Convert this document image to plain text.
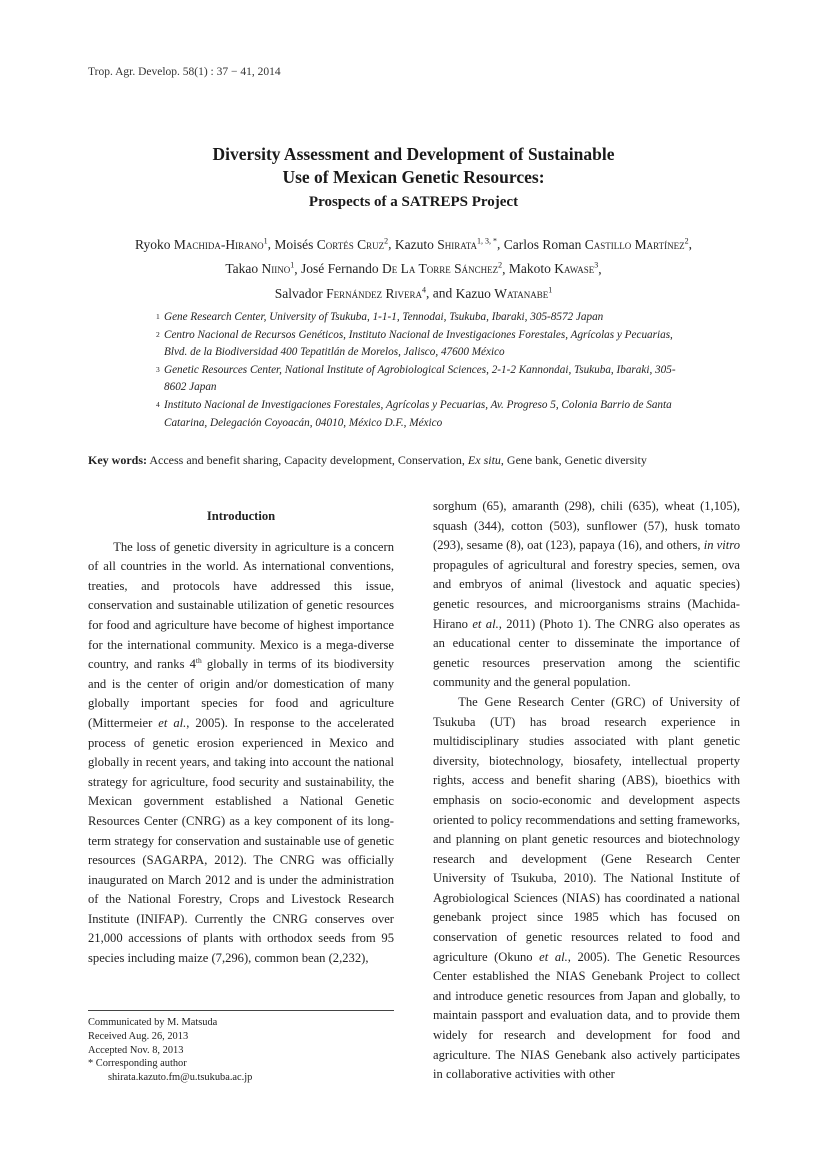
Trop. Agr. Develop. 58(1) : 37 − 41, 2014
Diversity Assessment and Development of Sustainable
Use of Mexican Genetic Resources:
Prospects of a SATREPS Project
Ryoko Machida-Hirano$^1$, Moisés Cortés Cruz$^2$, Kazuto Shirata$^{1, 3, *}$, Carlos Roman Castillo Martínez$^2$,
Takao Niino$^1$, José Fernando De La Torre Sánchez$^2$, Makoto Kawase$^3$,
Salvador Fernández Rivera$^4$, and Kazuo Watanabe$^1$
1 Gene Research Center, University of Tsukuba, 1-1-1, Tennodai, Tsukuba, Ibaraki, 305-8572 Japan
2 Centro Nacional de Recursos Genéticos, Instituto Nacional de Investigaciones Forestales, Agrícolas y Pecuarias, Blvd. de la Biodiversidad 400 Tepatitlán de Morelos, Jalisco, 47600 México
3 Genetic Resources Center, National Institute of Agrobiological Sciences, 2-1-2 Kannondai, Tsukuba, Ibaraki, 305-8602 Japan
4 Instituto Nacional de Investigaciones Forestales, Agrícolas y Pecuarias, Av. Progreso 5, Colonia Barrio de Santa Catarina, Delegación Coyoacán, 04010, México D.F., México
Key words: Access and benefit sharing, Capacity development, Conservation, Ex situ, Gene bank, Genetic diversity
Introduction

The loss of genetic diversity in agriculture is a concern of all countries in the world. As international conventions, treaties, and protocols have addressed this issue, conservation and sustainable utilization of genetic resources for food and agriculture have become of highest importance for the international community. Mexico is a mega-diverse country, and ranks 4th globally in terms of its biodiversity and is the center of origin and/or domestication of many globally important species for food and agriculture (Mittermeier et al., 2005). In response to the accelerated process of genetic erosion experienced in Mexico and globally in recent years, and taking into account the national strategy for agriculture, food security and sustainability, the Mexican government established a National Genetic Resources Center (CNRG) as a key component of its long-term strategy for conservation and sustainable use of genetic resources (SAGARPA, 2012). The CNRG was officially inaugurated on March 2012 and is under the administration of the National Forestry, Crops and Livestock Research Institute (INIFAP). Currently the CNRG conserves over 21,000 accessions of plants with orthodox seeds from 95 species including maize (7,296), common bean (2,232),

sorghum (65), amaranth (298), chili (635), wheat (1,105), squash (344), cotton (503), sunflower (57), husk tomato (293), sesame (8), oat (123), papaya (16), and others, in vitro propagules of agricultural and forestry species, semen, ova and embryos of animal (livestock and aquatic species) genetic resources, and microorganisms strains (Machida-Hirano et al., 2011) (Photo 1). The CNRG also operates as an educational center to disseminate the importance of genetic resources preservation among the scientific community and the general population.

The Gene Research Center (GRC) of University of Tsukuba (UT) has broad research experience in multidisciplinary studies associated with plant genetic diversity, biotechnology, biosafety, intellectual property rights, access and benefit sharing (ABS), bioethics with emphasis on socio-economic and development aspects oriented to policy recommendations and setting frameworks, and planning on plant genetic resources and biotechnology research and development (Gene Research Center University of Tsukuba, 2010). The National Institute of Agrobiological Sciences (NIAS) has coordinated a national genebank project since 1985 which has focused on conservation of genetic resources related to food and agriculture (Okuno et al., 2005). The Genetic Resources Center established the NIAS Genebank Project to collect and introduce genetic resources from Japan and globally, to maintain passport and evaluation data, and to provide them widely for research and development for food and agriculture. The NIAS Genebank also actively participates in collaborative activities with other

Communicated by M. Matsuda
Received Aug. 26, 2013
Accepted Nov. 8, 2013
* Corresponding author
shirata.kazuto.fm@u.tsukuba.ac.jp
